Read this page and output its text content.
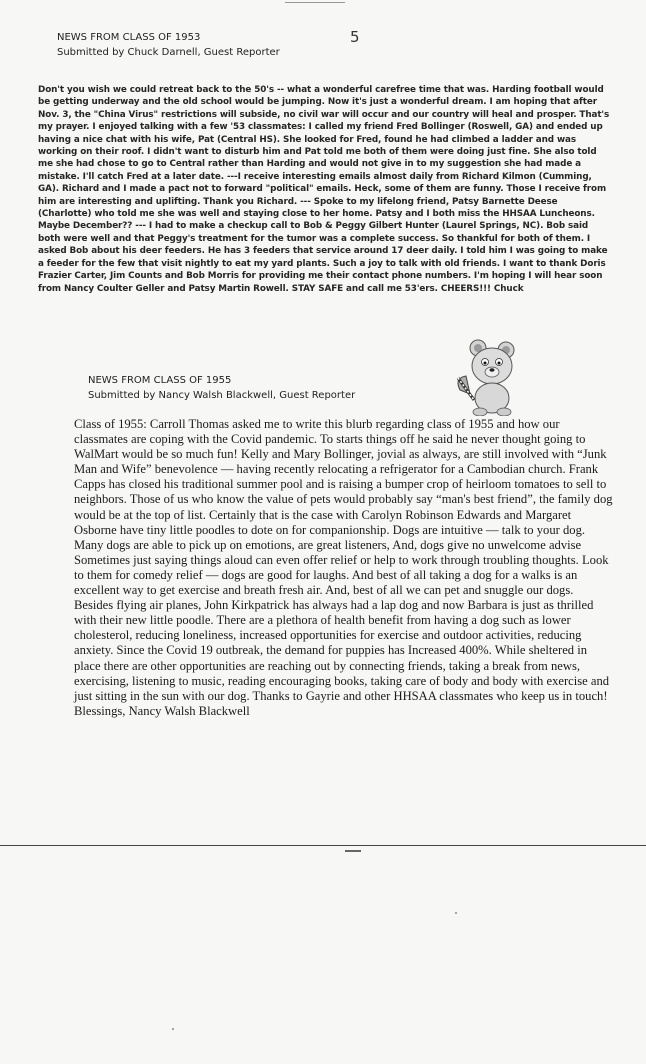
5
NEWS FROM CLASS OF 1953
Submitted by Chuck Darnell, Guest Reporter

Don't you wish we could retreat back to the 50's -- what a wonderful carefree time that was. Harding football would be getting underway and the old school would be jumping. Now it's just a wonderful dream. I am hoping that after Nov. 3, the "China Virus" restrictions will subside, no civil war will occur and our country will heal and prosper. That's my prayer. I enjoyed talking with a few '53 classmates: I called my friend Fred Bollinger (Roswell, GA) and ended up having a nice chat with his wife, Pat (Central HS). She looked for Fred, found he had climbed a ladder and was working on their roof. I didn't want to disturb him and Pat told me both of them were doing just fine. She also told me she had chose to go to Central rather than Harding and would not give in to my suggestion she had made a mistake. I'll catch Fred at a later date. ---I receive interesting emails almost daily from Richard Kilmon (Cumming, GA). Richard and I made a pact not to forward "political" emails. Heck, some of them are funny. Those I receive from him are interesting and uplifting. Thank you Richard. --- Spoke to my lifelong friend, Patsy Barnette Deese (Charlotte) who told me she was well and staying close to her home. Patsy and I both miss the HHSAA Luncheons. Maybe December?? --- I had to make a checkup call to Bob & Peggy Gilbert Hunter (Laurel Springs, NC). Bob said both were well and that Peggy's treatment for the tumor was a complete success. So thankful for both of them. I asked Bob about his deer feeders. He has 3 feeders that service around 17 deer daily. I told him I was going to make a feeder for the few that visit nightly to eat my yard plants. Such a joy to talk with old friends. I want to thank Doris Frazier Carter, Jim Counts and Bob Morris for providing me their contact phone numbers. I'm hoping I will hear soon from Nancy Coulter Geller and Patsy Martin Rowell. STAY SAFE and call me 53'ers. CHEERS!!! Chuck

NEWS FROM CLASS OF 1955
Submitted by Nancy Walsh Blackwell, Guest Reporter

Class of 1955: Carroll Thomas asked me to write this blurb regarding class of 1955 and how our classmates are coping with the Covid pandemic. To starts things off he said he never thought going to WalMart would be so much fun! Kelly and Mary Bollinger, jovial as always, are still involved with “Junk Man and Wife” benevolence — having recently relocating a refrigerator for a Cambodian church. Frank Capps has closed his traditional summer pool and is raising a bumper crop of heirloom tomatoes to sell to neighbors. Those of us who know the value of pets would probably say “man's best friend”, the family dog would be at the top of list. Certainly that is the case with Carolyn Robinson Edwards and Margaret Osborne have tiny little poodles to dote on for companionship. Dogs are intuitive — talk to your dog. Many dogs are able to pick up on emotions, are great listeners, And, dogs give no unwelcome advise Sometimes just saying things aloud can even offer relief or help to work through troubling thoughts. Look to them for comedy relief — dogs are good for laughs. And best of all taking a dog for a walks is an excellent way to get exercise and breath fresh air. And, best of all we can pet and snuggle our dogs. Besides flying air planes, John Kirkpatrick has always had a lap dog and now Barbara is just as thrilled with their new little poodle. There are a plethora of health benefit from having a dog such as lower cholesterol, reducing loneliness, increased opportunities for exercise and outdoor activities, reducing anxiety. Since the Covid 19 outbreak, the demand for puppies has Increased 400%. While sheltered in place there are other opportunities are reaching out by connecting friends, taking a break from news, exercising, listening to music, reading encouraging books, taking care of body and body with exercise and just sitting in the sun with our dog. Thanks to Gayrie and other HHSAA classmates who keep us in touch!

Blessings, Nancy Walsh Blackwell
